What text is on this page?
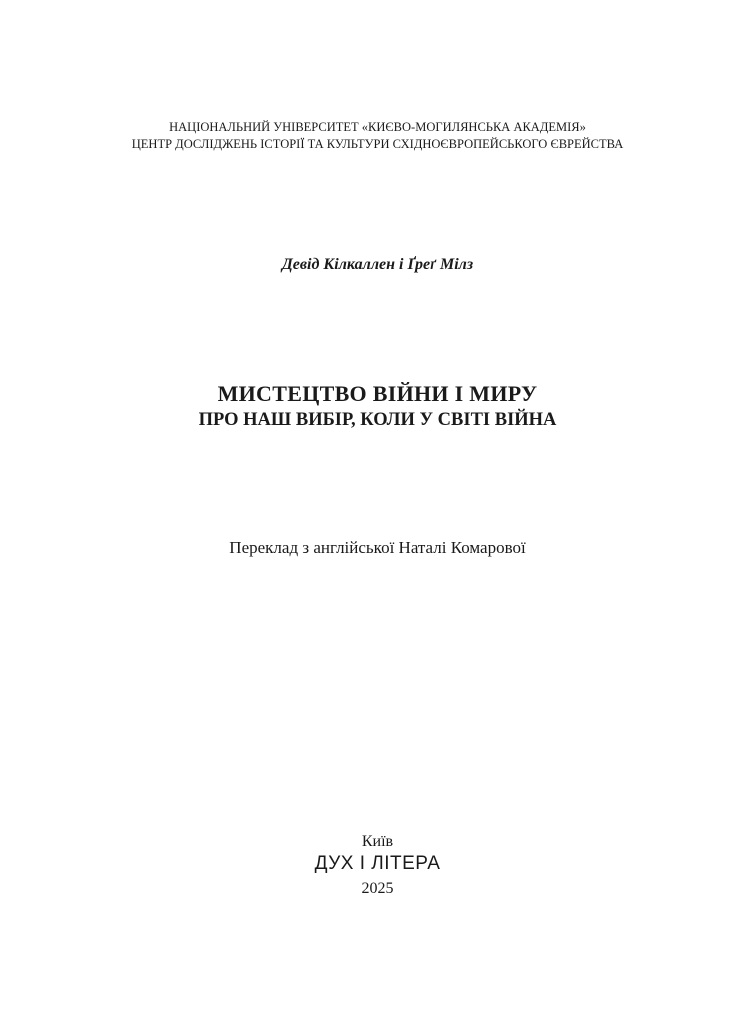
НАЦІОНАЛЬНИЙ УНІВЕРСИТЕТ «КИЄВО-МОГИЛЯНСЬКА АКАДЕМІЯ»
ЦЕНТР ДОСЛІДЖЕНЬ ІСТОРІЇ ТА КУЛЬТУРИ СХІДНОЄВРОПЕЙСЬКОГО ЄВРЕЙСТВА
Девід Кілкаллен і Ґреґ Мілз
МИСТЕЦТВО ВІЙНИ І МИРУ
ПРО НАШ ВИБІР, КОЛИ У СВІТІ ВІЙНА
Переклад з англійської Наталі Комарової
Київ
ДУХ І ЛІТЕРА
2025
